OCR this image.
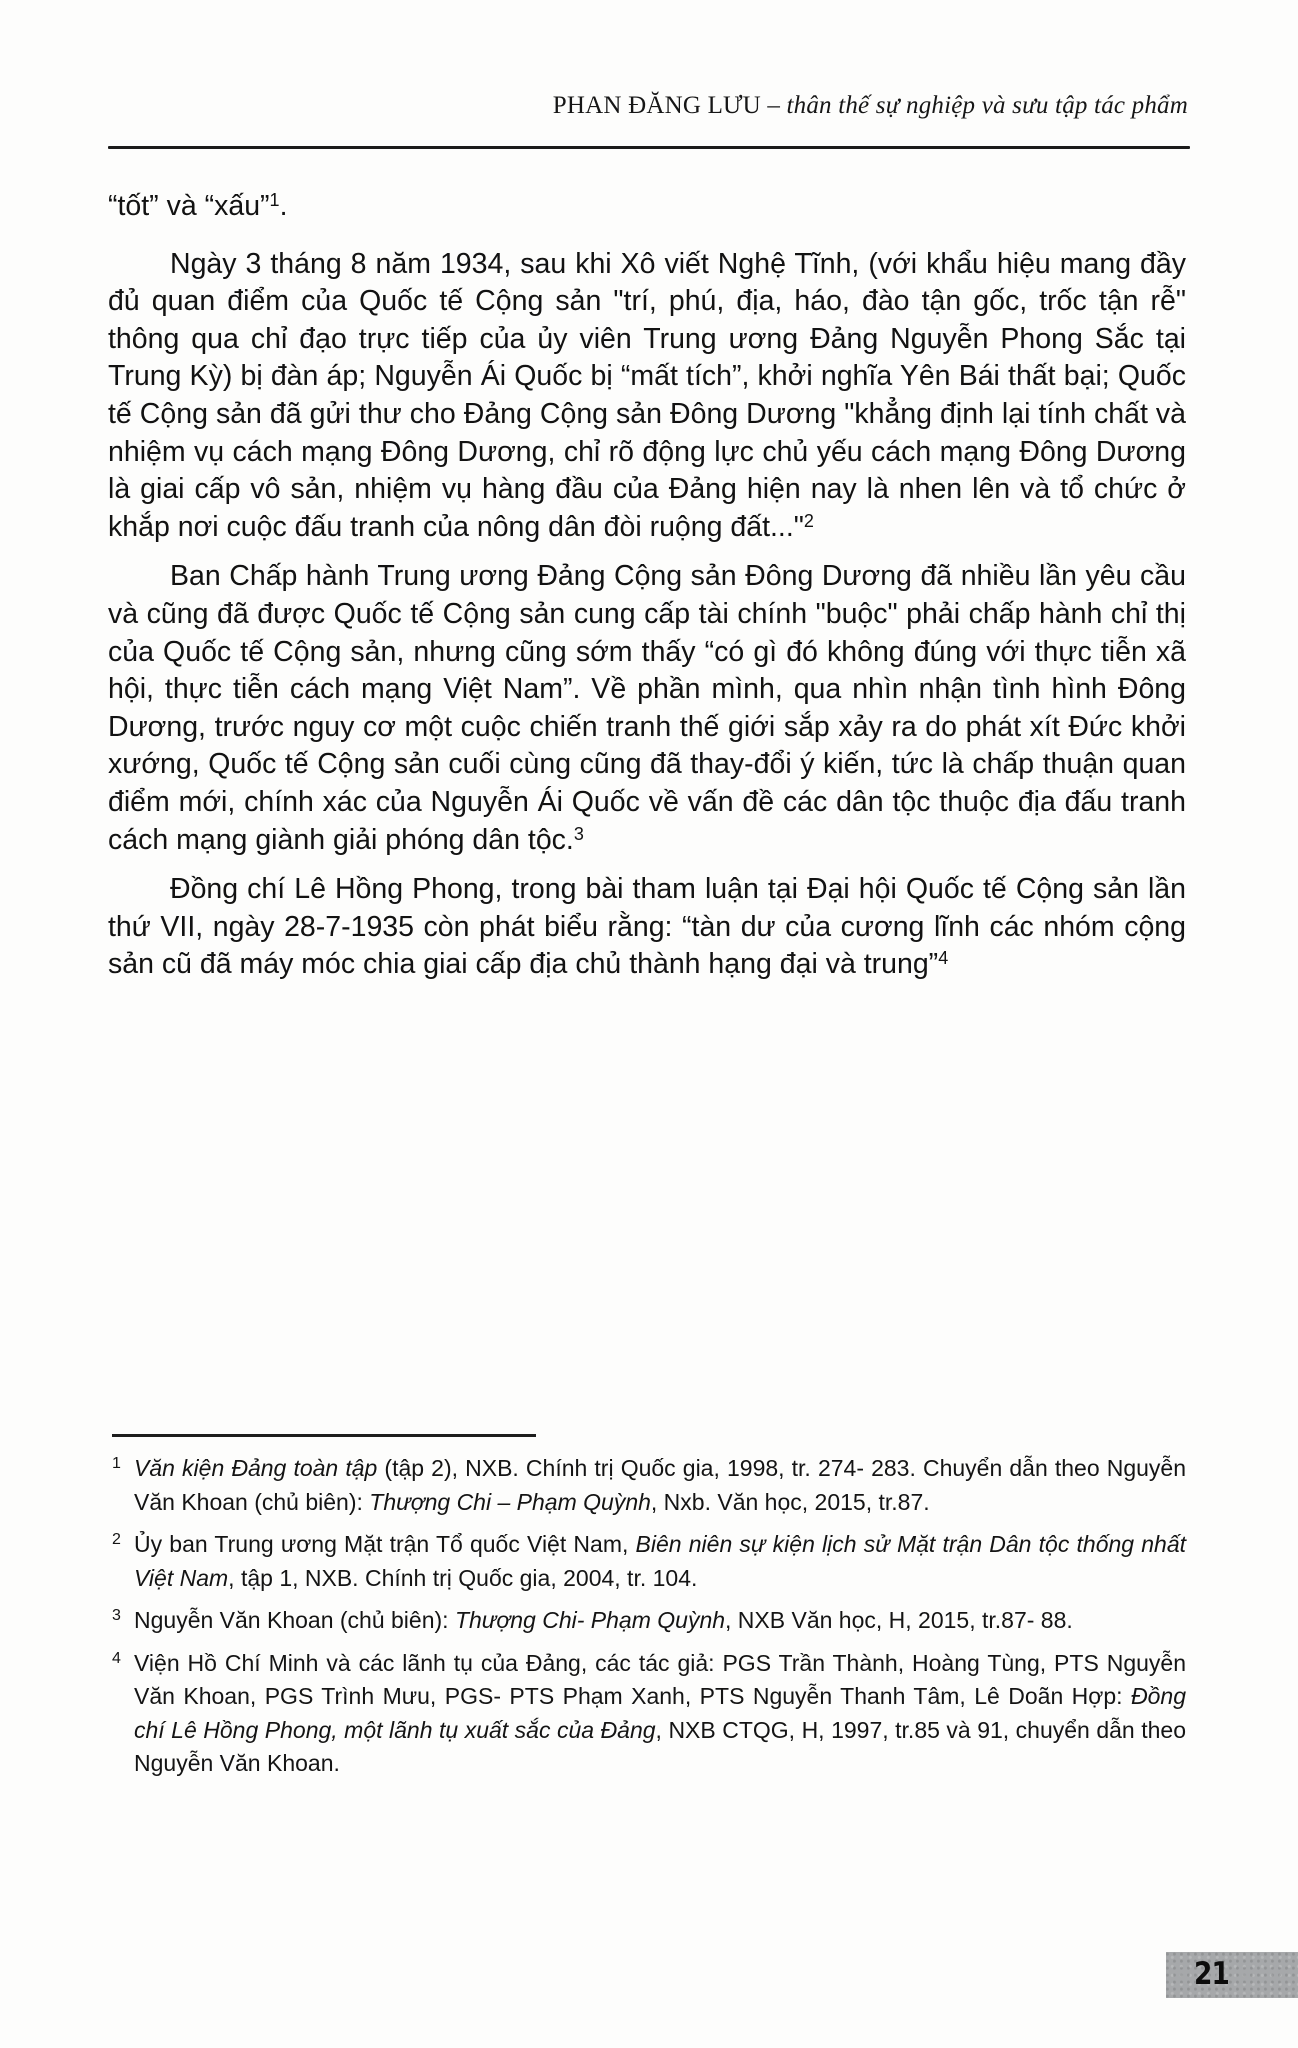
PHAN ĐĂNG LƯU – thân thế sự nghiệp và sưu tập tác phẩm

“tốt” và “xấu”$^1$.

Ngày 3 tháng 8 năm 1934, sau khi Xô viết Nghệ Tĩnh, (với khẩu hiệu mang đầy đủ quan điểm của Quốc tế Cộng sản "trí, phú, địa, háo, đào tận gốc, trốc tận rễ" thông qua chỉ đạo trực tiếp của ủy viên Trung ương Đảng Nguyễn Phong Sắc tại Trung Kỳ) bị đàn áp; Nguyễn Ái Quốc bị “mất tích”, khởi nghĩa Yên Bái thất bại; Quốc tế Cộng sản đã gửi thư cho Đảng Cộng sản Đông Dương "khẳng định lại tính chất và nhiệm vụ cách mạng Đông Dương, chỉ rõ động lực chủ yếu cách mạng Đông Dương là giai cấp vô sản, nhiệm vụ hàng đầu của Đảng hiện nay là nhen lên và tổ chức ở khắp nơi cuộc đấu tranh của nông dân đòi ruộng đất..."$^2$

Ban Chấp hành Trung ương Đảng Cộng sản Đông Dương đã nhiều lần yêu cầu và cũng đã được Quốc tế Cộng sản cung cấp tài chính "buộc" phải chấp hành chỉ thị của Quốc tế Cộng sản, nhưng cũng sớm thấy “có gì đó không đúng với thực tiễn xã hội, thực tiễn cách mạng Việt Nam”. Về phần mình, qua nhìn nhận tình hình Đông Dương, trước nguy cơ một cuộc chiến tranh thế giới sắp xảy ra do phát xít Đức khởi xướng, Quốc tế Cộng sản cuối cùng cũng đã thay-đổi ý kiến, tức là chấp thuận quan điểm mới, chính xác của Nguyễn Ái Quốc về vấn đề các dân tộc thuộc địa đấu tranh cách mạng giành giải phóng dân tộc.$^3$

Đồng chí Lê Hồng Phong, trong bài tham luận tại Đại hội Quốc tế Cộng sản lần thứ VII, ngày 28-7-1935 còn phát biểu rằng: “tàn dư của cương lĩnh các nhóm cộng sản cũ đã máy móc chia giai cấp địa chủ thành hạng đại và trung”$^4$

1 Văn kiện Đảng toàn tập (tập 2), NXB. Chính trị Quốc gia, 1998, tr. 274- 283. Chuyển dẫn theo Nguyễn Văn Khoan (chủ biên): Thượng Chi – Phạm Quỳnh, Nxb. Văn học, 2015, tr.87.
2 Ủy ban Trung ương Mặt trận Tổ quốc Việt Nam, Biên niên sự kiện lịch sử Mặt trận Dân tộc thống nhất Việt Nam, tập 1, NXB. Chính trị Quốc gia, 2004, tr. 104.
3 Nguyễn Văn Khoan (chủ biên): Thượng Chi- Phạm Quỳnh, NXB Văn học, H, 2015, tr.87- 88.
4 Viện Hồ Chí Minh và các lãnh tụ của Đảng, các tác giả: PGS Trần Thành, Hoàng Tùng, PTS Nguyễn Văn Khoan, PGS Trình Mưu, PGS- PTS Phạm Xanh, PTS Nguyễn Thanh Tâm, Lê Doãn Hợp: Đồng chí Lê Hồng Phong, một lãnh tụ xuất sắc của Đảng, NXB CTQG, H, 1997, tr.85 và 91, chuyển dẫn theo Nguyễn Văn Khoan.
21
